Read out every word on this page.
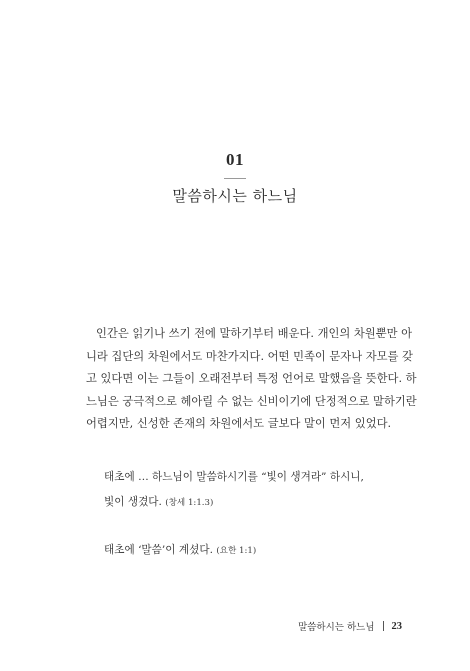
01
말씀하시는 하느님

인간은 읽기나 쓰기 전에 말하기부터 배운다. 개인의 차원뿐만 아
니라 집단의 차원에서도 마찬가지다. 어떤 민족이 문자나 자모를 갖
고 있다면 이는 그들이 오래전부터 특정 언어로 말했음을 뜻한다. 하
느님은 궁극적으로 헤아릴 수 없는 신비이기에 단정적으로 말하기란
어렵지만, 신성한 존재의 차원에서도 글보다 말이 먼저 있었다.

태초에 … 하느님이 말씀하시기를 “빛이 생겨라” 하시니,

빛이 생겼다. (창세 1:1.3)

태초에 ‘말씀’이 계셨다. (요한 1:1)

말씀하시는 하느님 23
